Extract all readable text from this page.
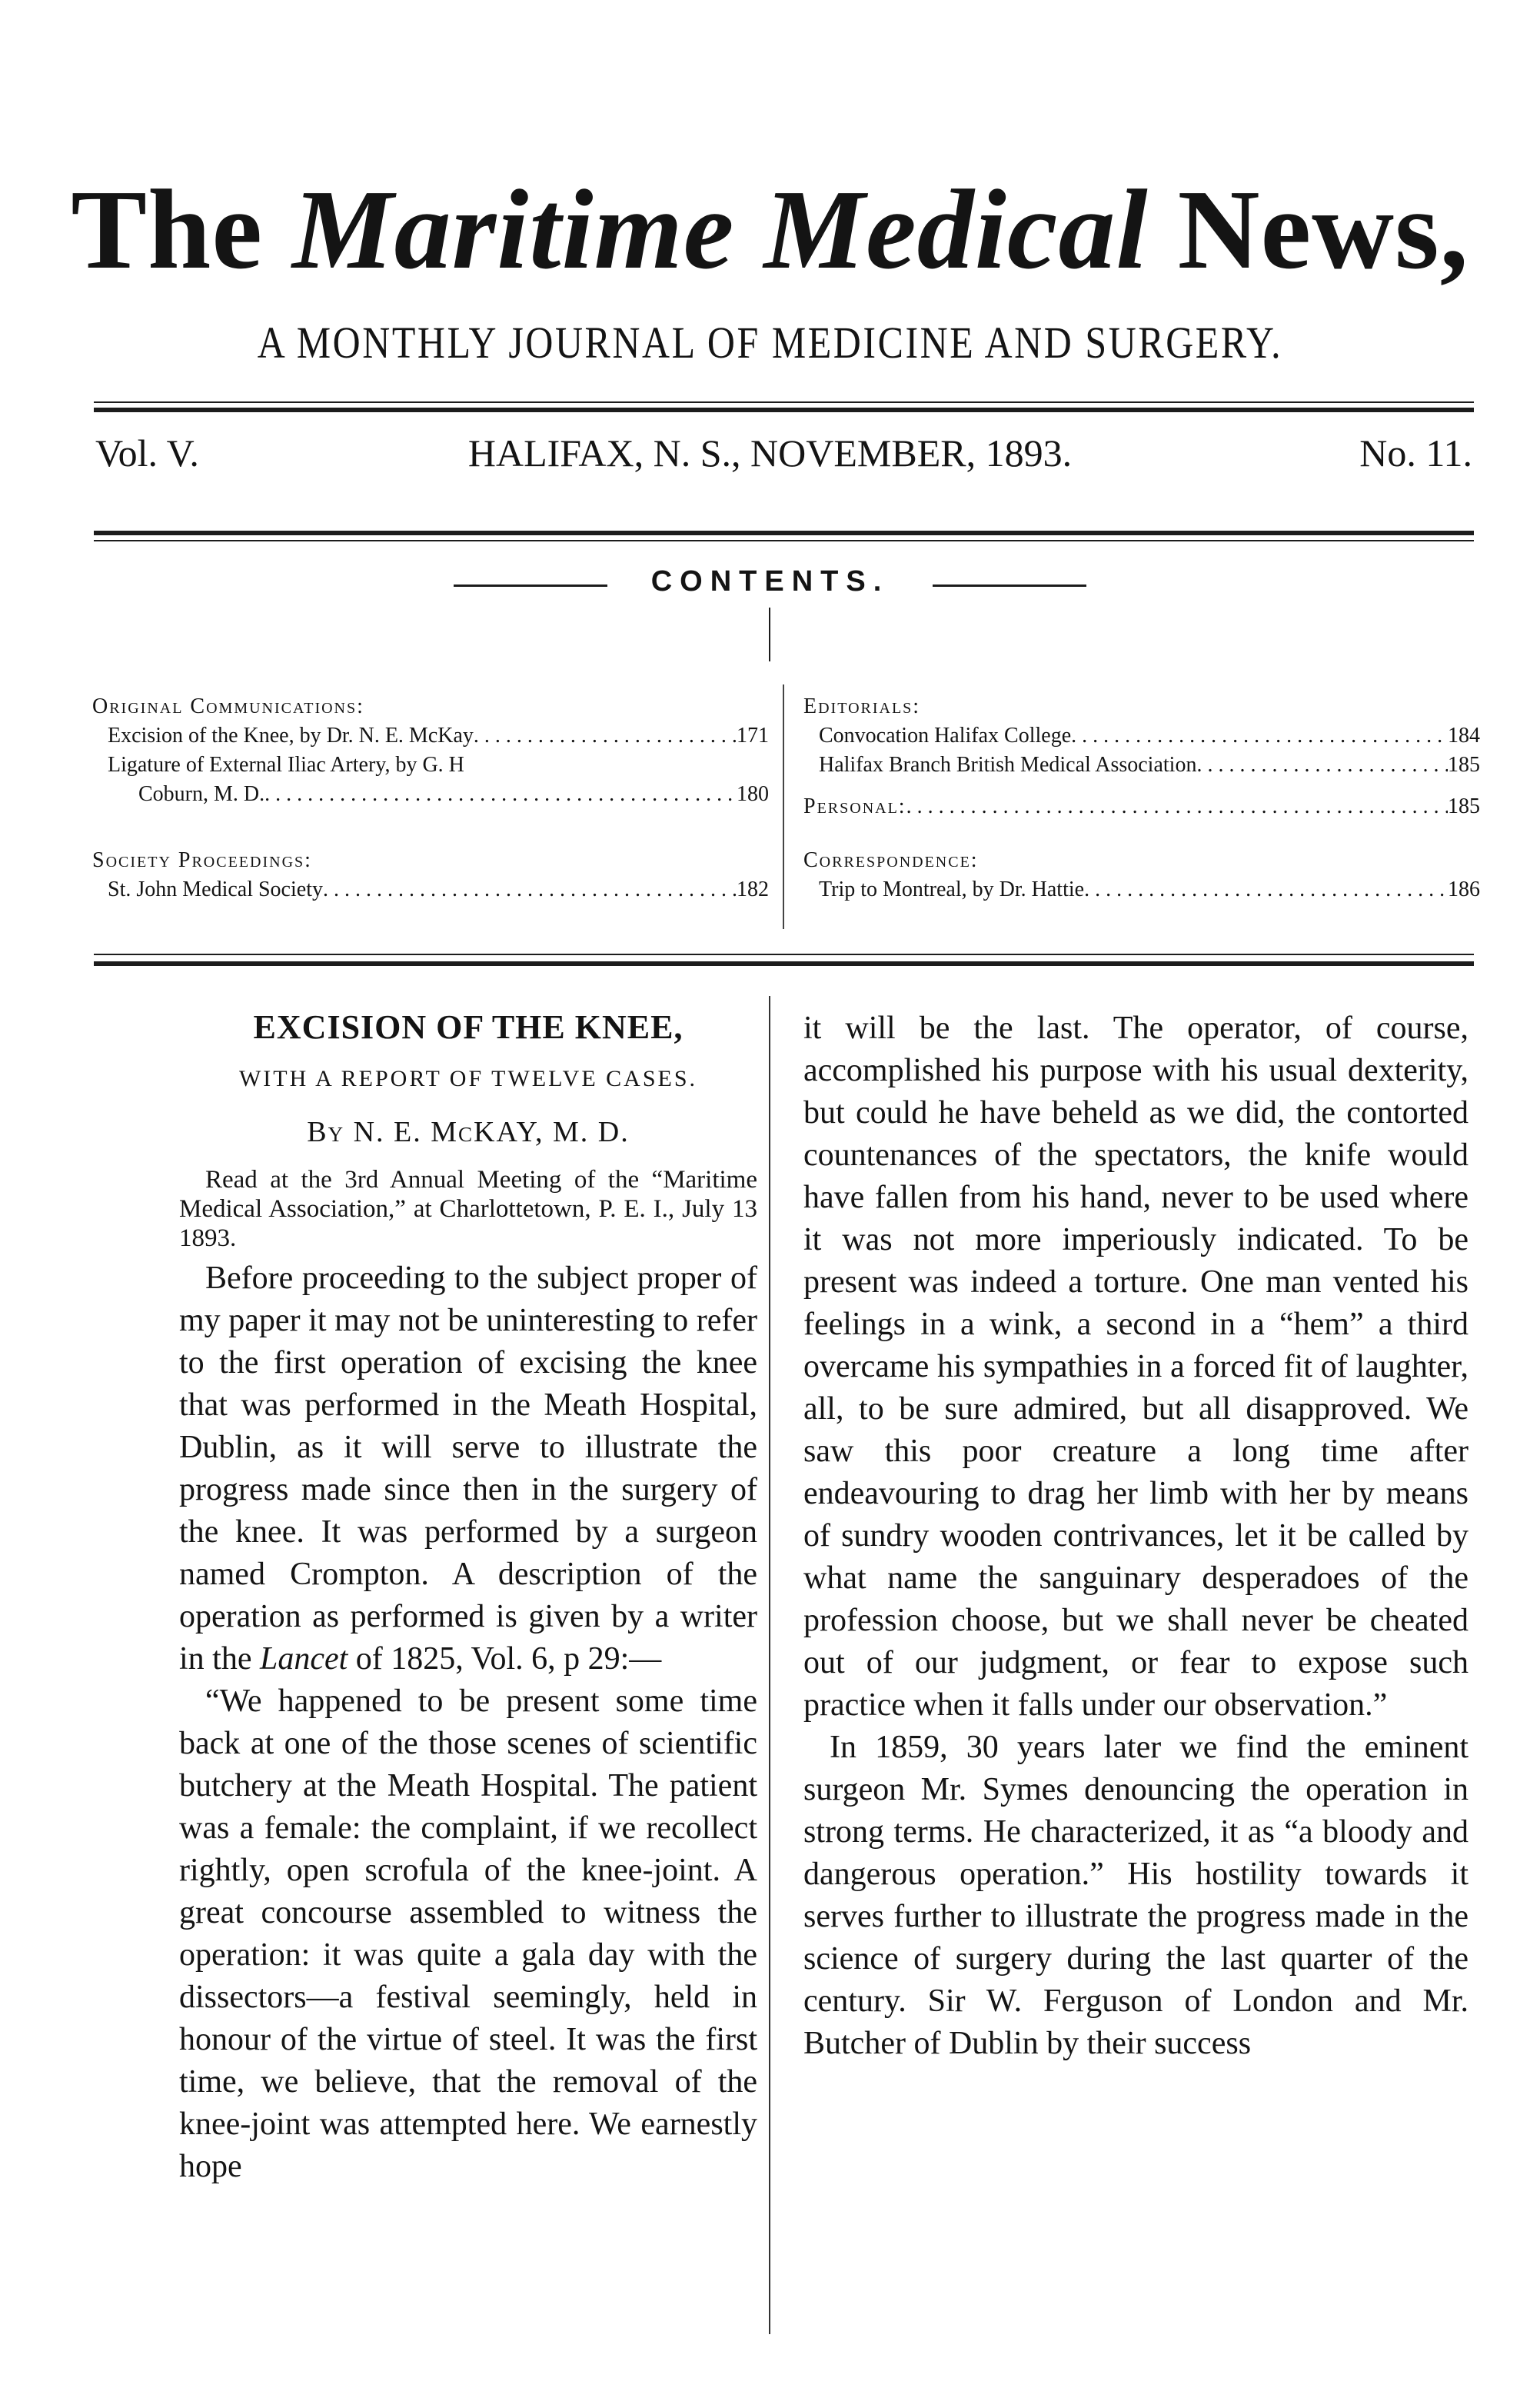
The Maritime Medical News,
A MONTHLY JOURNAL OF MEDICINE AND SURGERY.
Vol. V.	HALIFAX, N. S., NOVEMBER, 1893.	No. 11.
CONTENTS.
Original Communications:
Excision of the Knee, by Dr. N. E. McKay . . .	171
Ligature of External Iliac Artery, by G. H
Coburn, M. D. . . .	180
Society Proceedings:
St. John Medical Society . . .	182
Editorials:
Convocation Halifax College . . .	184
Halifax Branch British Medical Association . . .	185
Personal: . . .	185
Correspondence:
Trip to Montreal, by Dr. Hattie . . .	186
EXCISION OF THE KNEE,
WITH A REPORT OF TWELVE CASES.
By N. E. McKAY, M. D.
Read at the 3rd Annual Meeting of the “Maritime Medical Association,” at Charlottetown, P. E. I., July 13 1893.

Before proceeding to the subject proper of my paper it may not be uninteresting to refer to the first operation of excising the knee that was performed in the Meath Hospital, Dublin, as it will serve to illustrate the progress made since then in the surgery of the knee. It was performed by a surgeon named Crompton. A description of the operation as performed is given by a writer in the Lancet of 1825, Vol. 6, p 29:—

“We happened to be present some time back at one of the those scenes of scientific butchery at the Meath Hospital. The patient was a female: the complaint, if we recollect rightly, open scrofula of the knee-joint. A great concourse assembled to witness the operation: it was quite a gala day with the dissectors—a festival seemingly, held in honour of the virtue of steel. It was the first time, we believe, that the removal of the knee-joint was attempted here. We earnestly hope

it will be the last. The operator, of course, accomplished his purpose with his usual dexterity, but could he have beheld as we did, the contorted countenances of the spectators, the knife would have fallen from his hand, never to be used where it was not more imperiously indicated. To be present was indeed a torture. One man vented his feelings in a wink, a second in a “hem” a third overcame his sympathies in a forced fit of laughter, all, to be sure admired, but all disapproved. We saw this poor creature a long time after endeavouring to drag her limb with her by means of sundry wooden contrivances, let it be called by what name the sanguinary desperadoes of the profession choose, but we shall never be cheated out of our judgment, or fear to expose such practice when it falls under our observation.”

In 1859, 30 years later we find the eminent surgeon Mr. Symes denouncing the operation in strong terms. He characterized, it as “a bloody and dangerous operation.” His hostility towards it serves further to illustrate the progress made in the science of surgery during the last quarter of the century. Sir W. Ferguson of London and Mr. Butcher of Dublin by their success
